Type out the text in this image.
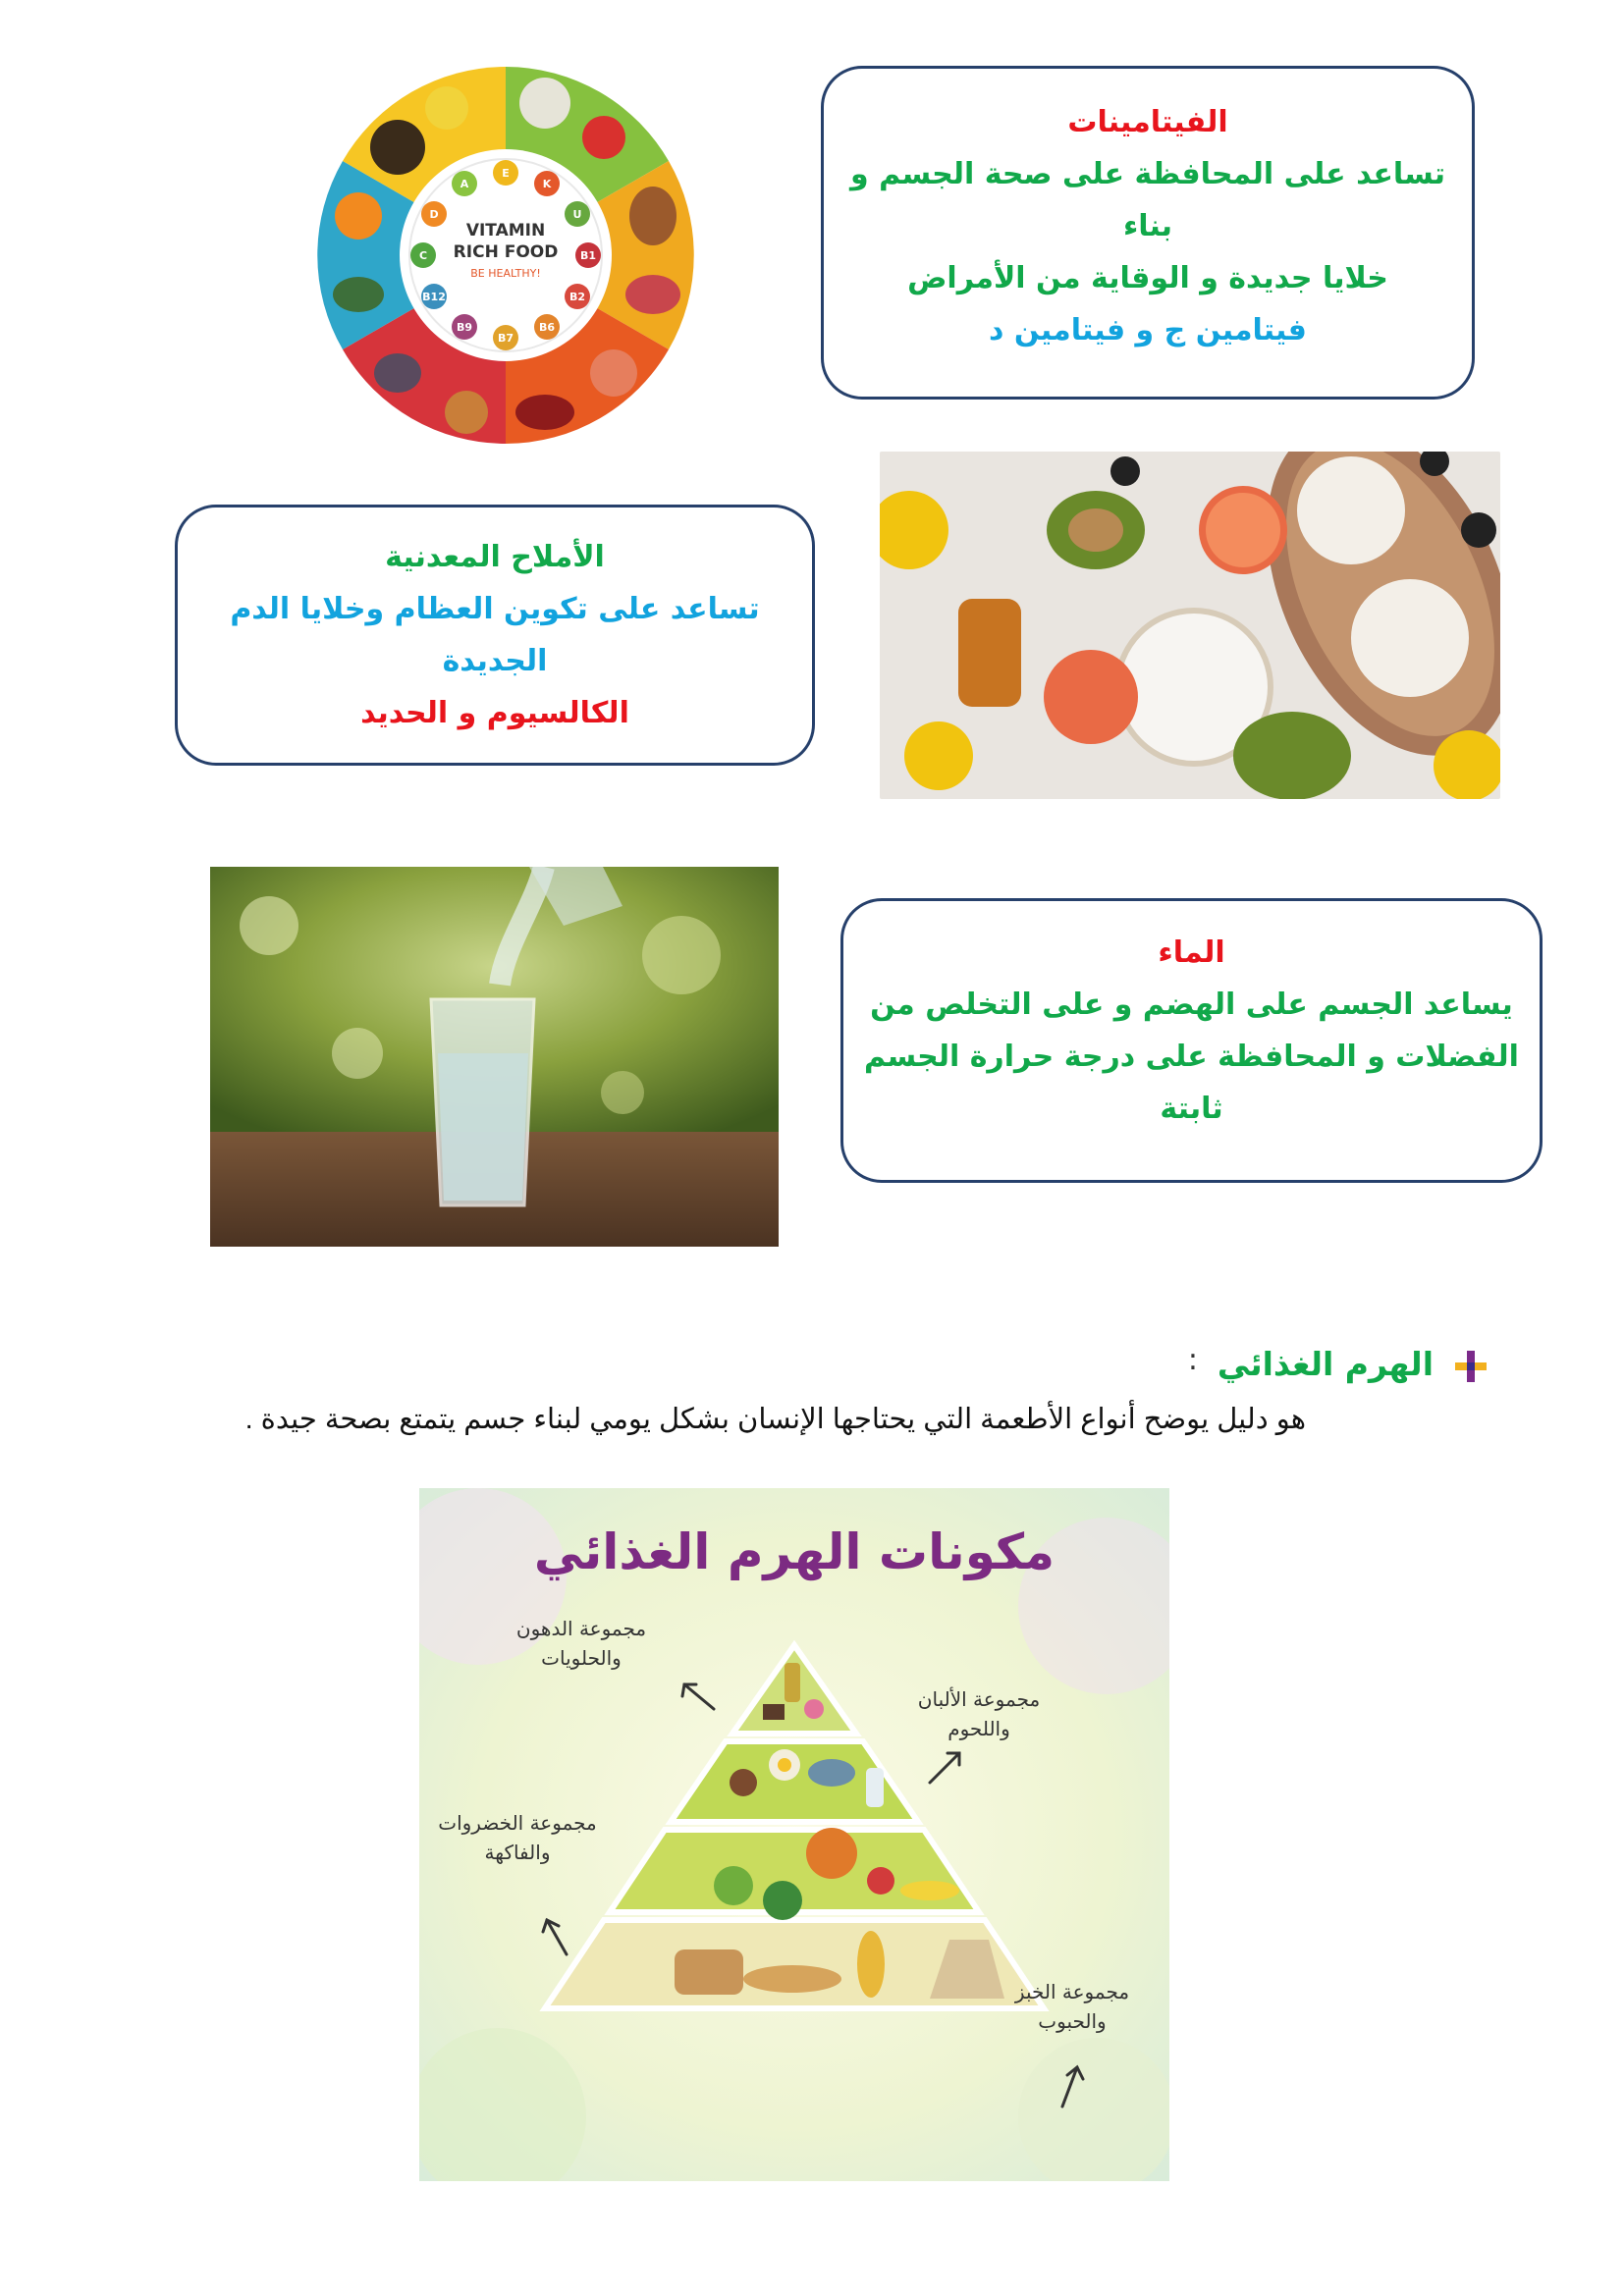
E
A	K
U
B1
B2
B6
B7
B9
B12
C
D
VITAMIN
RICH FOOD
BE HEALTHY!
الفيتامينات
تساعد على المحافظة على صحة الجسم و بناء
خلايا جديدة و الوقاية من الأمراض
فيتامين ج و فيتامين د
الأملاح المعدنية
تساعد على تكوين العظام وخلايا الدم الجديدة
الكالسيوم و الحديد
الماء
يساعد الجسم على الهضم و على التخلص من
الفضلات و المحافظة على درجة حرارة الجسم ثابتة
الهرم الغذائي
:
هو دليل يوضح أنواع الأطعمة التي يحتاجها الإنسان بشكل يومي لبناء جسم يتمتع بصحة جيدة .
مكونات الهرم الغذائي
مجموعة الدهون
والحلويات
مجموعة الألبان
واللحوم
مجموعة الخضروات
والفاكهة
مجموعة الخبز
والحبوب
